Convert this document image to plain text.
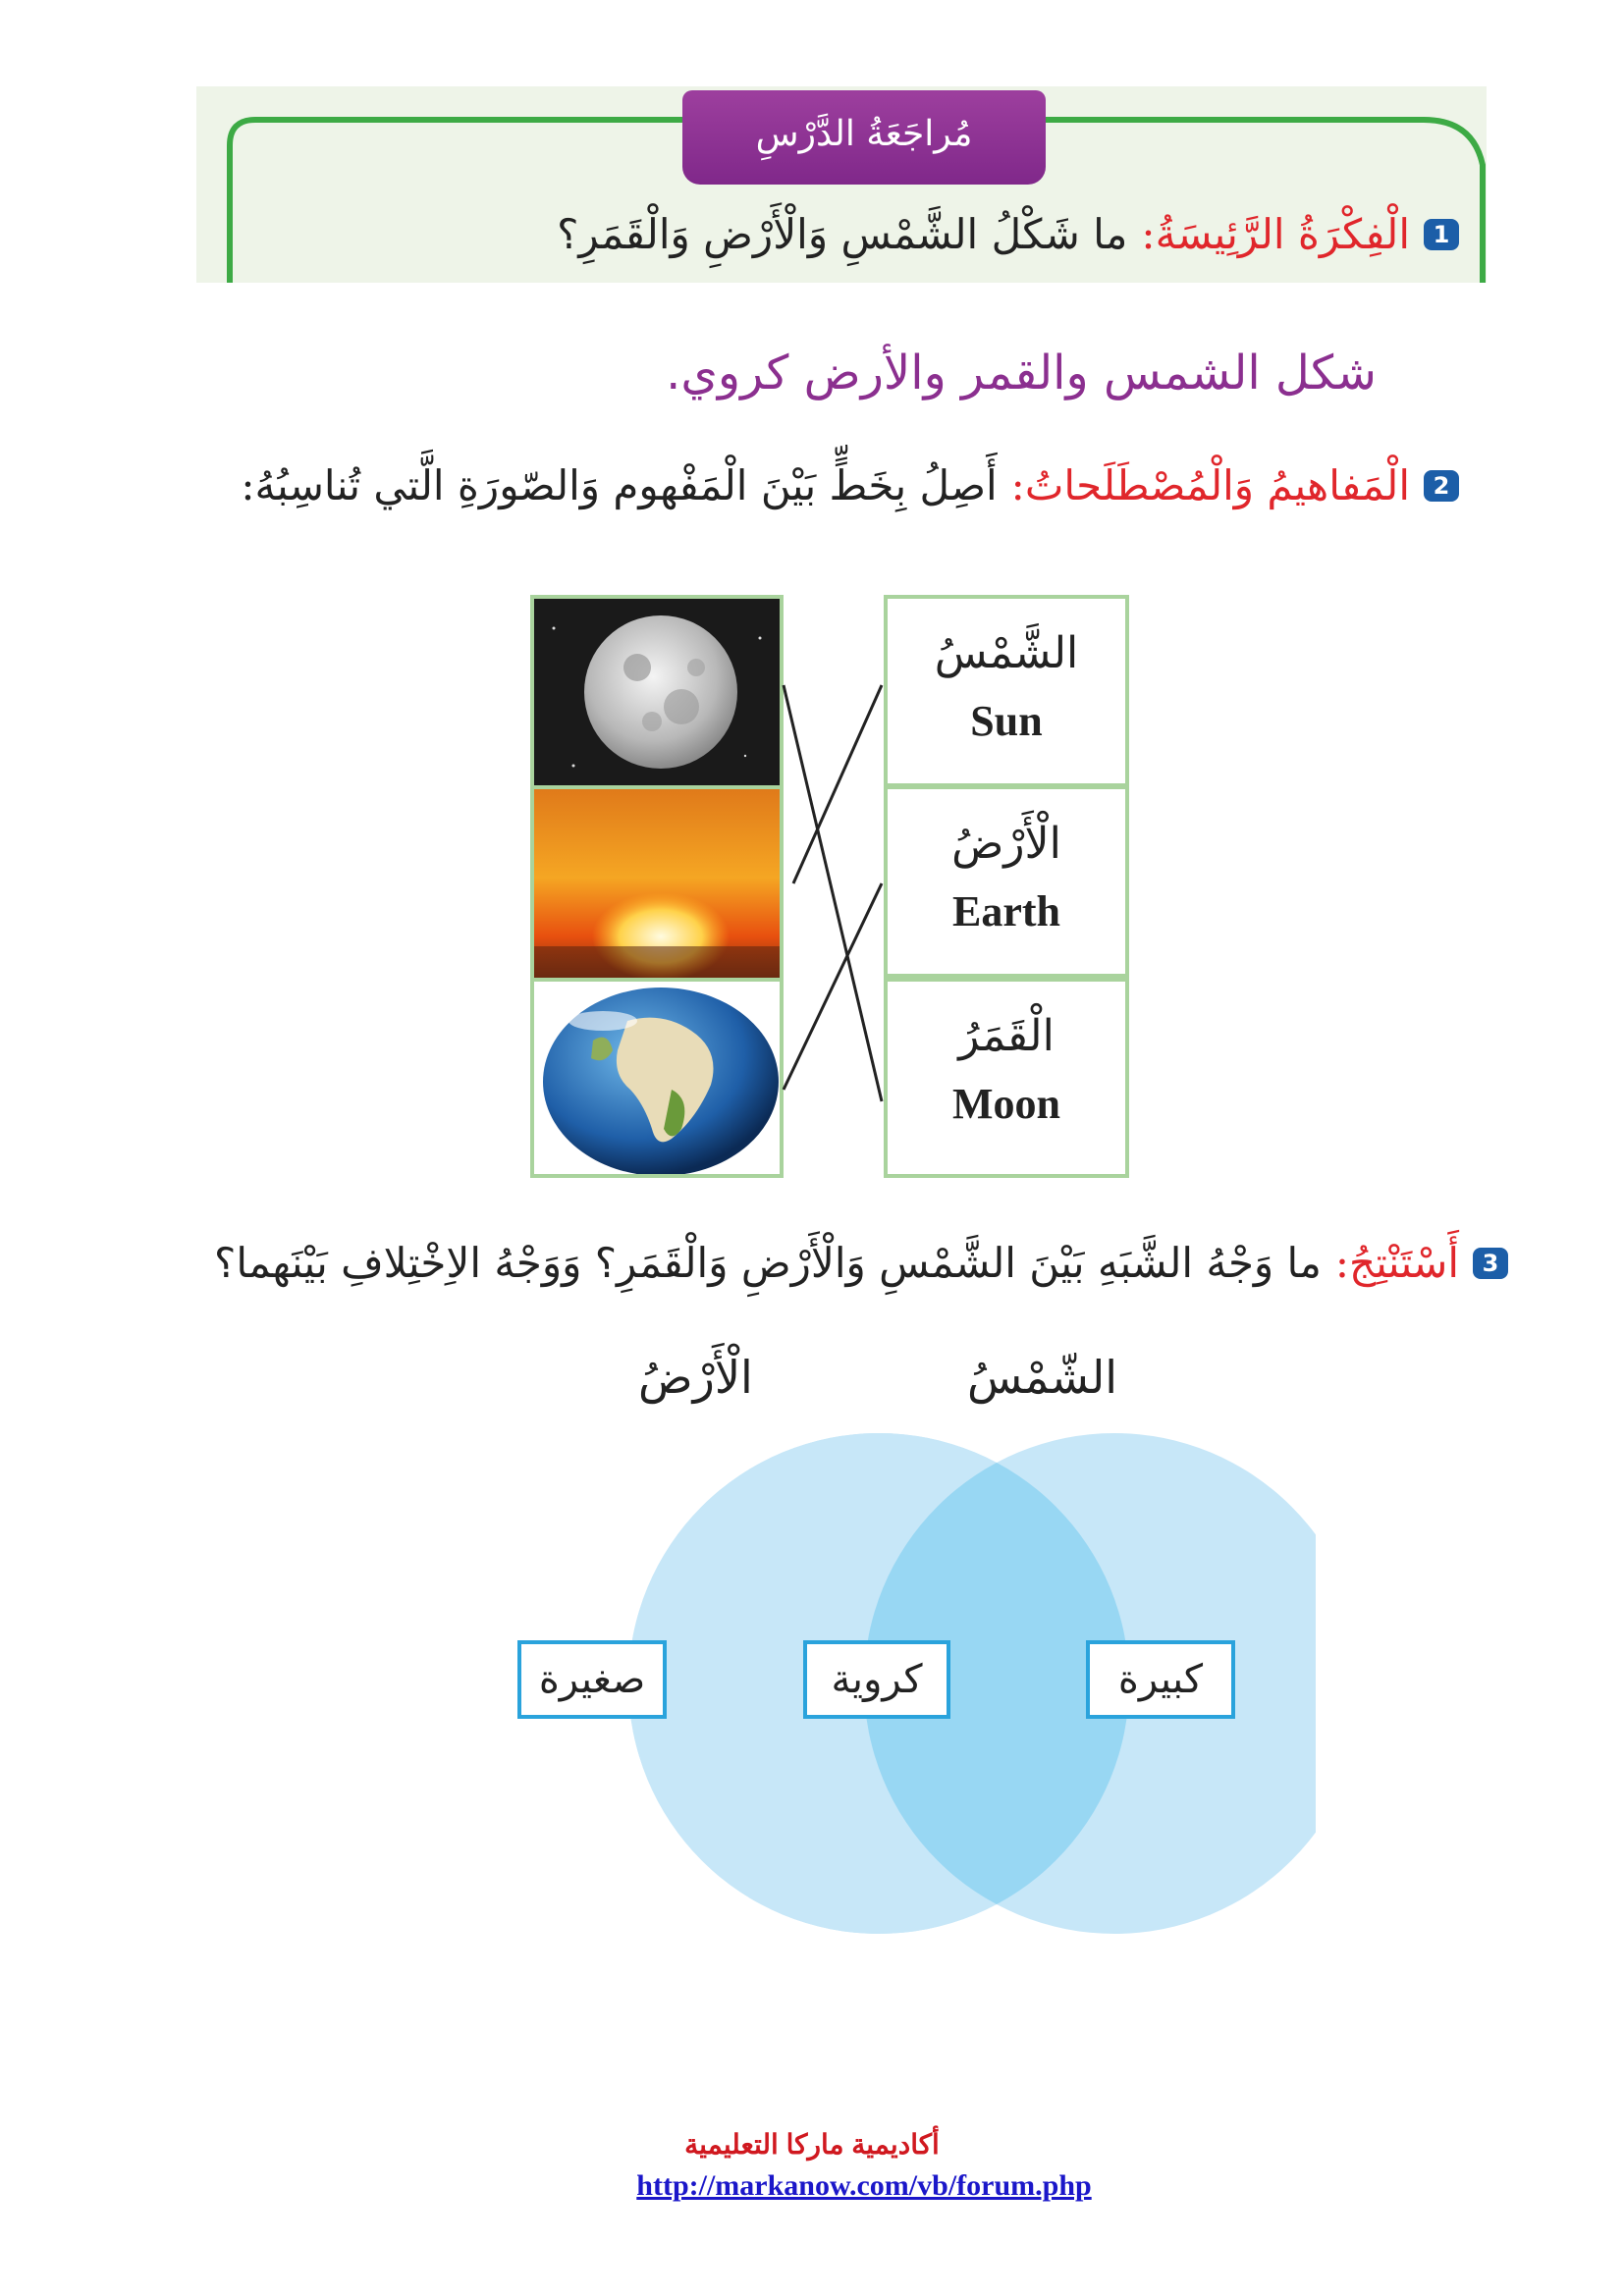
مُراجَعَةُ الدَّرْسِ
1
الْفِكْرَةُ الرَّئِيسَةُ:
ما شَكْلُ الشَّمْسِ وَالْأَرْضِ وَالْقَمَرِ؟
شكل الشمس والقمر والأرض كروي.
2
الْمَفاهيمُ وَالْمُصْطَلَحاتُ:
أَصِلُ بِخَطٍّ بَيْنَ الْمَفْهوم وَالصّورَةِ الَّتي تُناسِبُهُ:
الشَّمْسُ
Sun
الْأَرْضُ
Earth
الْقَمَرُ
Moon
3
أَسْتَنْتِجُ:
ما وَجْهُ الشَّبَهِ بَيْنَ الشَّمْسِ وَالْأَرْضِ وَالْقَمَرِ؟ وَوَجْهُ الاِخْتِلافِ بَيْنَهما؟
الْأَرْضُ	الشّمْسُ
صغيرة	كروية	كبيرة
أكاديمية ماركا التعليمية
http://markanow.com/vb/forum.php
